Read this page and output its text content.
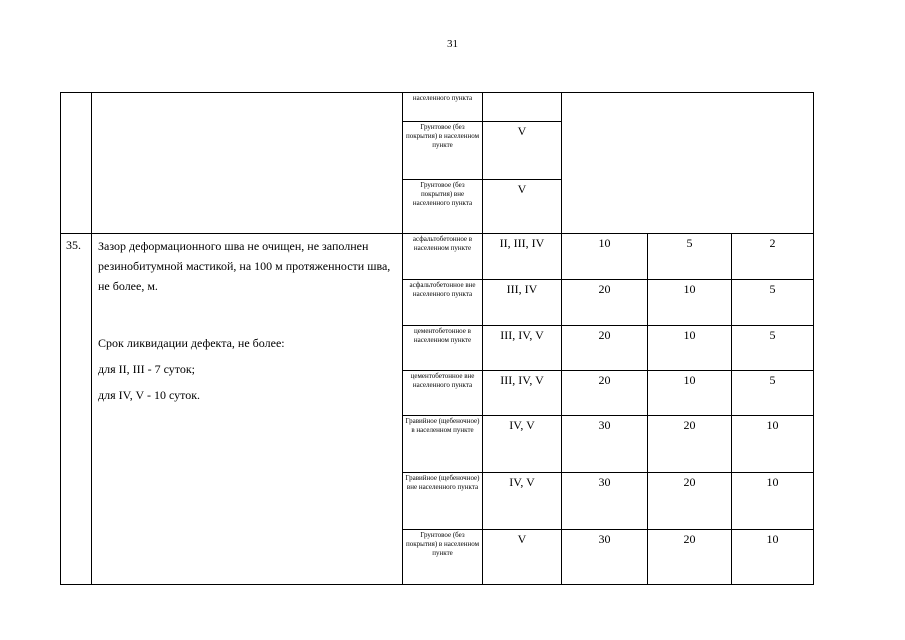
31
		населенного пункта				
		Грунтовое (без покрытия) в населенном пункте	V			
		Грунтовое (без покрытия) вне населенного пункта	V			
35.	Зазор деформационного шва не очищен, не заполнен резинобитумной мастикой, на 100 м протяженности шва, не более, м.

Срок ликвидации дефекта, не более:

для II, III - 7 суток;

для IV, V - 10 суток.	асфальтобетонное в населенном пункте	II, III, IV	10	5	2
		асфальтобетонное вне населенного пункта	III, IV	20	10	5
		цементобетонное в населенном пункте	III, IV, V	20	10	5
		цементобетонное вне населенного пункта	III, IV, V	20	10	5
		Гравийное (щебеночное) в населенном пункте	IV, V	30	20	10
		Гравийное (щебеночное) вне населенного пункта	IV, V	30	20	10
		Грунтовое (без покрытия) в населенном пункте	V	30	20	10
